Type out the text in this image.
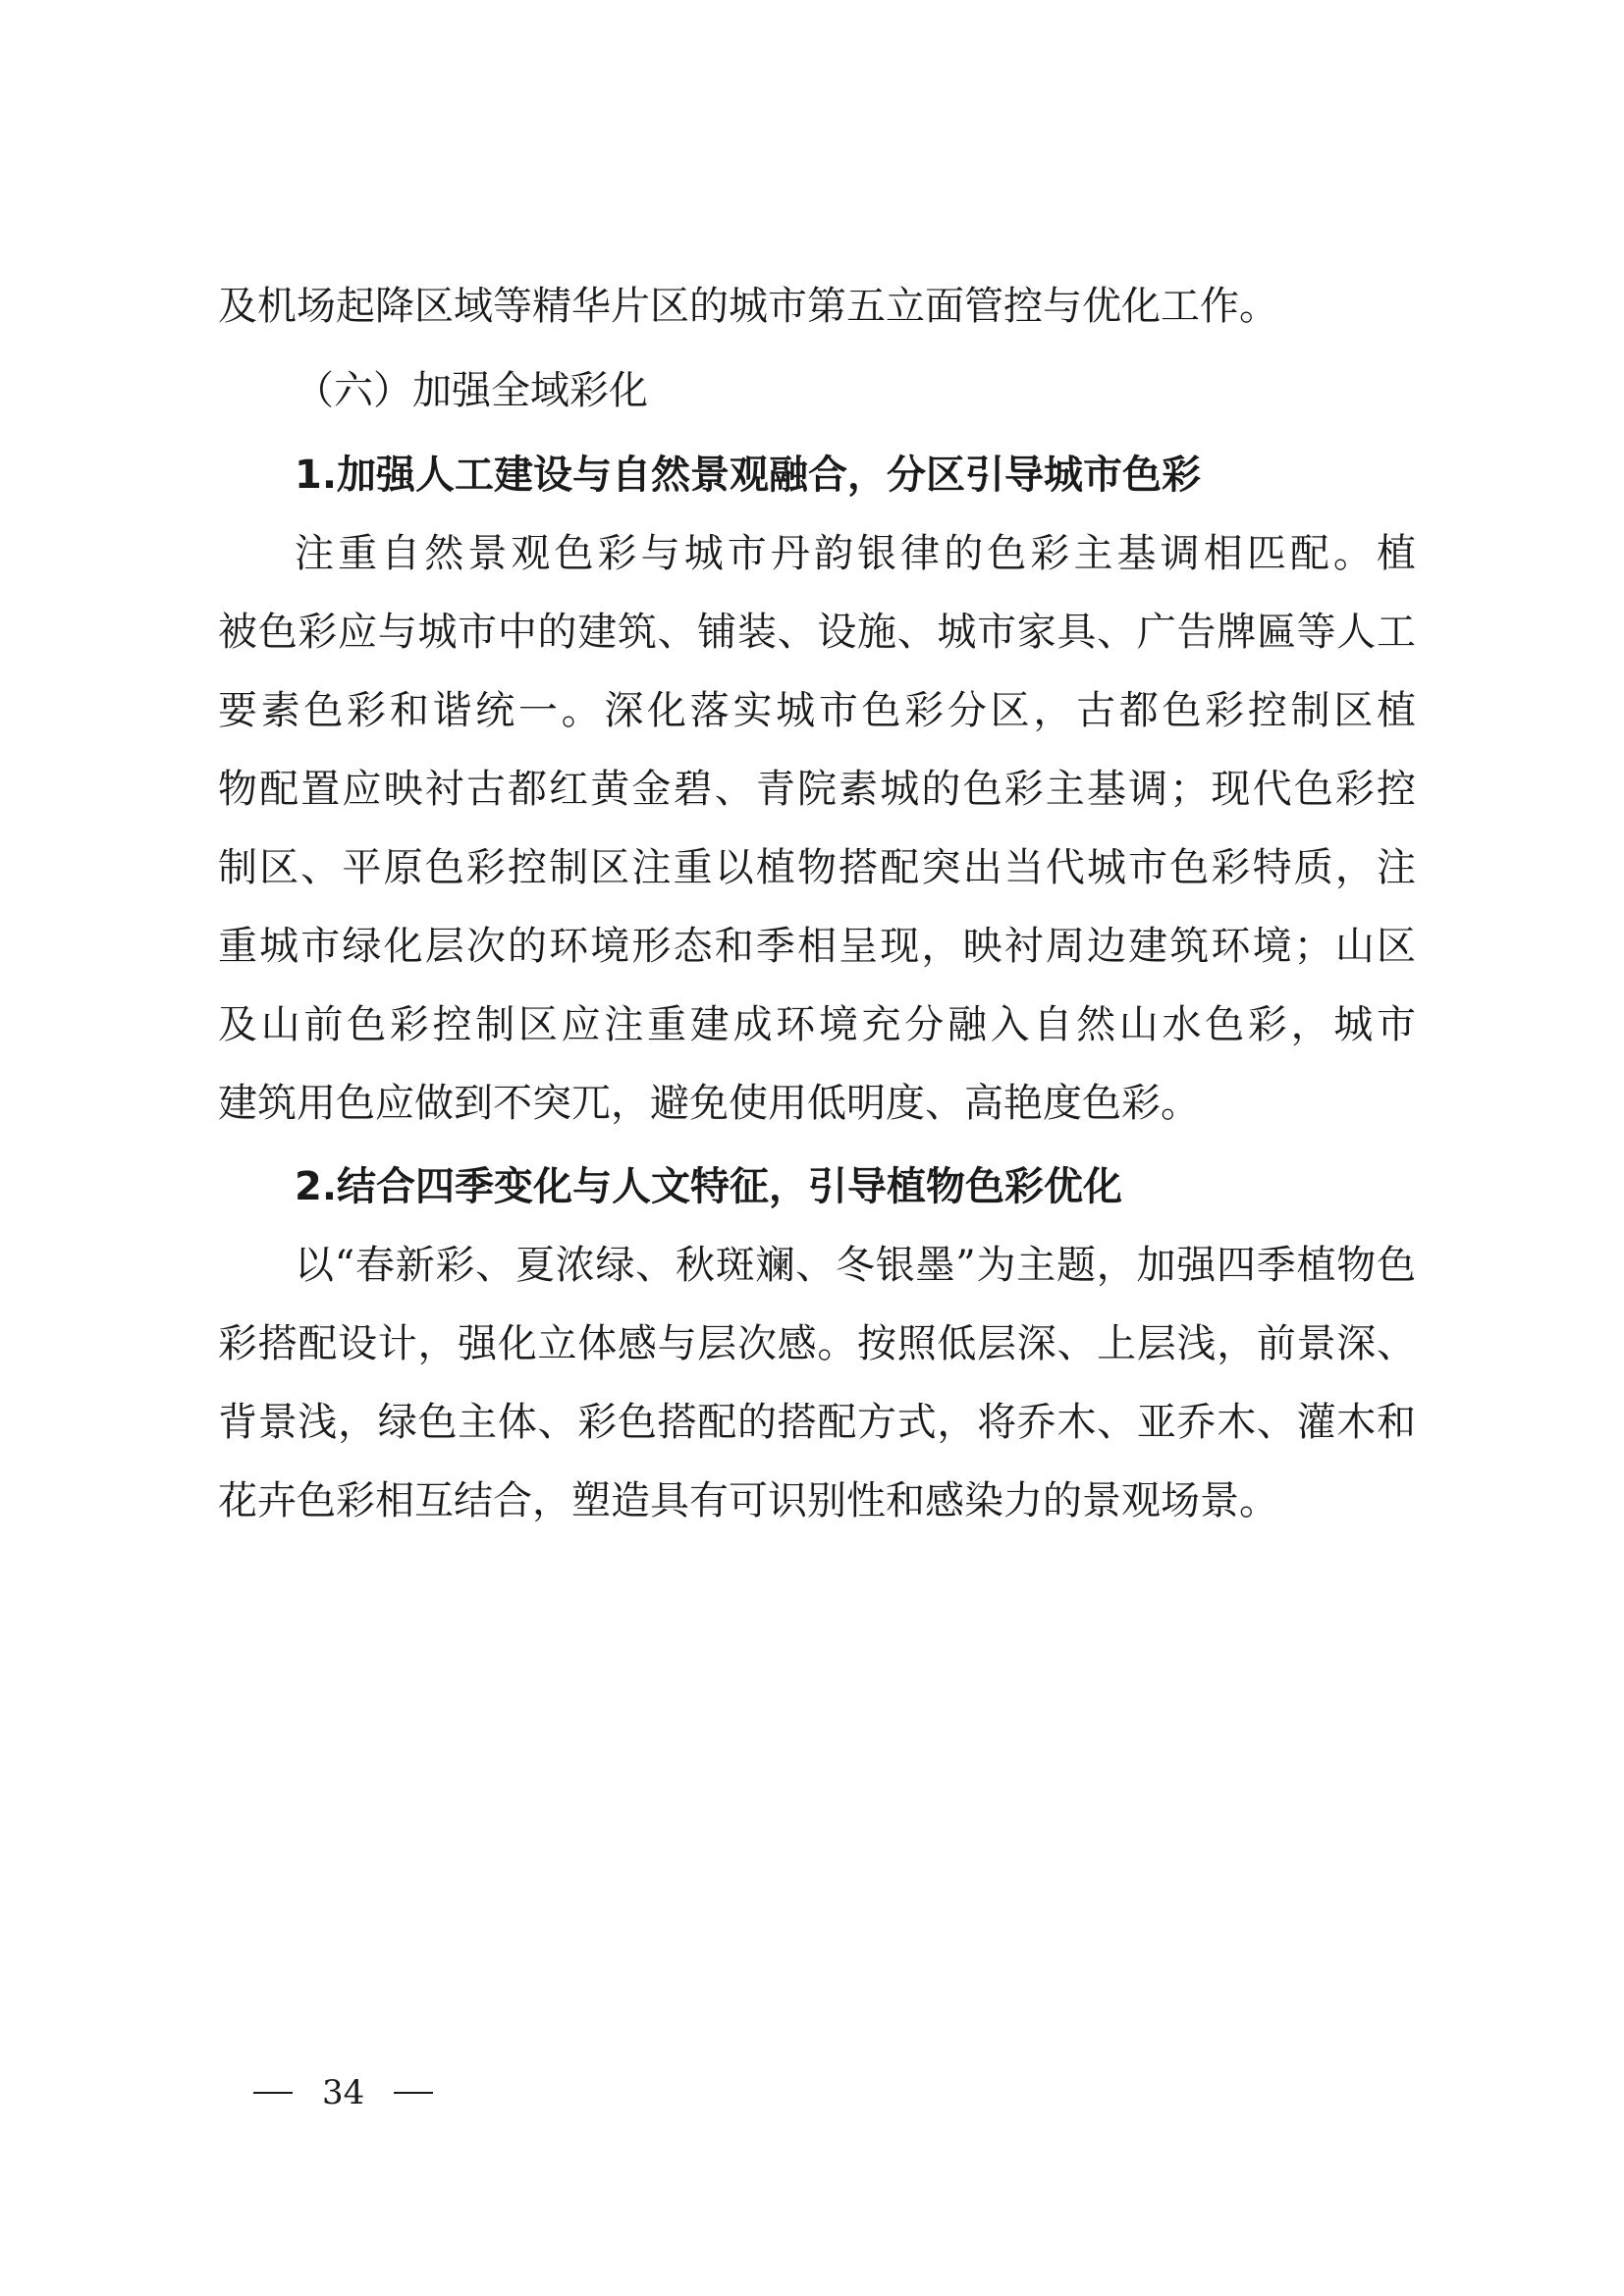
及机场起降区域等精华片区的城市第五立面管控与优化工作。
（六）加强全域彩化
1.加强人工建设与自然景观融合，分区引导城市色彩
注重自然景观色彩与城市丹韵银律的色彩主基调相匹配。植
被色彩应与城市中的建筑、铺装、设施、城市家具、广告牌匾等人工
要素色彩和谐统一。深化落实城市色彩分区，古都色彩控制区植
物配置应映衬古都红黄金碧、青院素城的色彩主基调；现代色彩控
制区、平原色彩控制区注重以植物搭配突出当代城市色彩特质，注
重城市绿化层次的环境形态和季相呈现，映衬周边建筑环境；山区
及山前色彩控制区应注重建成环境充分融入自然山水色彩，城市
建筑用色应做到不突兀，避免使用低明度、高艳度色彩。
2.结合四季变化与人文特征，引导植物色彩优化
以“春新彩、夏浓绿、秋斑斓、冬银墨”为主题，加强四季植物色
彩搭配设计，强化立体感与层次感。按照低层深、上层浅，前景深、
背景浅，绿色主体、彩色搭配的搭配方式，将乔木、亚乔木、灌木和
花卉色彩相互结合，塑造具有可识别性和感染力的景观场景。
34
